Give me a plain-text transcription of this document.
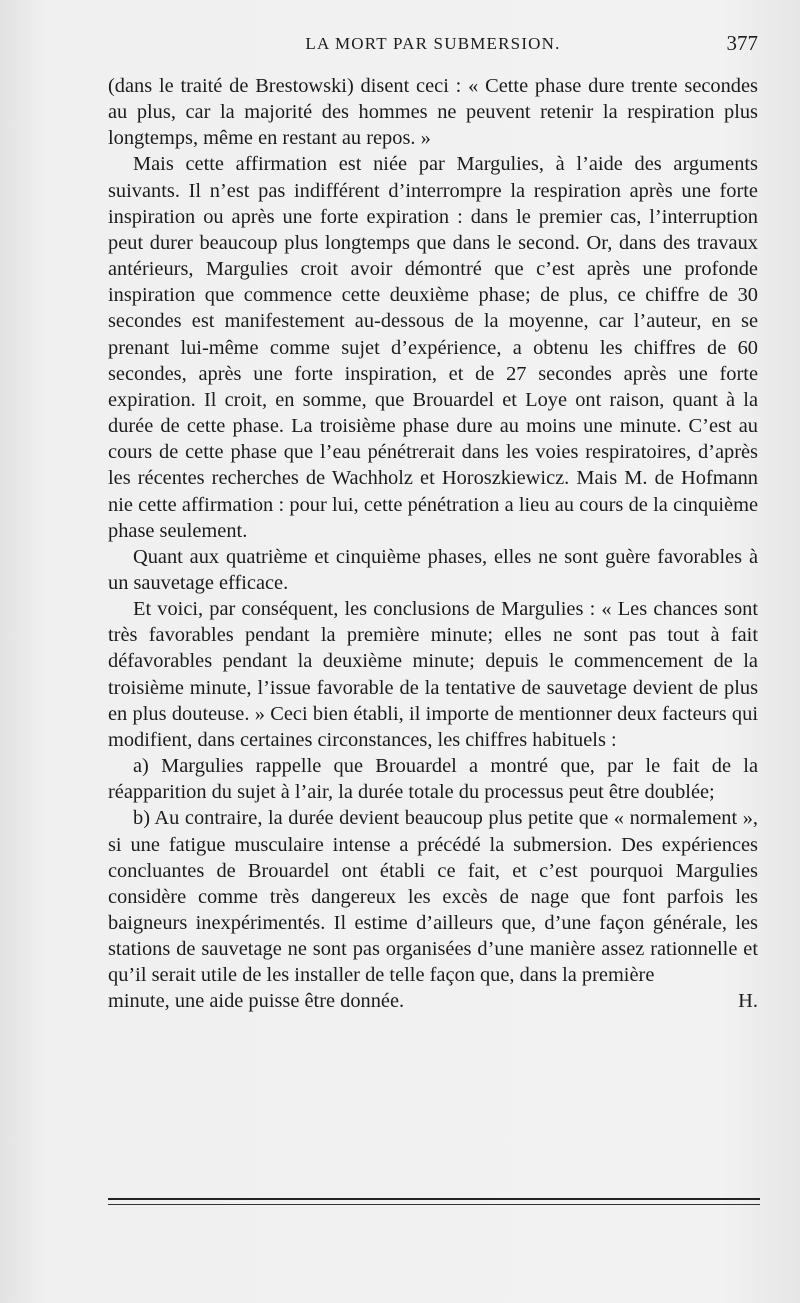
LA MORT PAR SUBMERSION.	377

(dans le traité de Brestowski) disent ceci : « Cette phase dure trente secondes au plus, car la majorité des hommes ne peuvent retenir la respiration plus longtemps, même en restant au repos. »

Mais cette affirmation est niée par Margulies, à l’aide des arguments suivants. Il n’est pas indifférent d’interrompre la respiration après une forte inspiration ou après une forte expiration : dans le premier cas, l’interruption peut durer beaucoup plus longtemps que dans le second. Or, dans des travaux antérieurs, Margulies croit avoir démontré que c’est après une profonde inspiration que commence cette deuxième phase; de plus, ce chiffre de 30 secondes est manifestement au-dessous de la moyenne, car l’auteur, en se prenant lui-même comme sujet d’expérience, a obtenu les chiffres de 60 secondes, après une forte inspiration, et de 27 secondes après une forte expiration. Il croit, en somme, que Brouardel et Loye ont raison, quant à la durée de cette phase. La troisième phase dure au moins une minute. C’est au cours de cette phase que l’eau pénétrerait dans les voies respiratoires, d’après les récentes recherches de Wachholz et Horoszkiewicz. Mais M. de Hofmann nie cette affirmation : pour lui, cette pénétration a lieu au cours de la cinquième phase seulement.

Quant aux quatrième et cinquième phases, elles ne sont guère favorables à un sauvetage efficace.

Et voici, par conséquent, les conclusions de Margulies : « Les chances sont très favorables pendant la première minute; elles ne sont pas tout à fait défavorables pendant la deuxième minute; depuis le commencement de la troisième minute, l’issue favorable de la tentative de sauvetage devient de plus en plus douteuse. » Ceci bien établi, il importe de mentionner deux facteurs qui modifient, dans certaines circonstances, les chiffres habituels :

a) Margulies rappelle que Brouardel a montré que, par le fait de la réapparition du sujet à l’air, la durée totale du processus peut être doublée;

b) Au contraire, la durée devient beaucoup plus petite que « normalement », si une fatigue musculaire intense a précédé la submersion. Des expériences concluantes de Brouardel ont établi ce fait, et c’est pourquoi Margulies considère comme très dangereux les excès de nage que font parfois les baigneurs inexpérimentés. Il estime d’ailleurs que, d’une façon générale, les stations de sauvetage ne sont pas organisées d’une manière assez rationnelle et qu’il serait utile de les installer de telle façon que, dans la première

minute, une aide puisse être donnée.	H.
